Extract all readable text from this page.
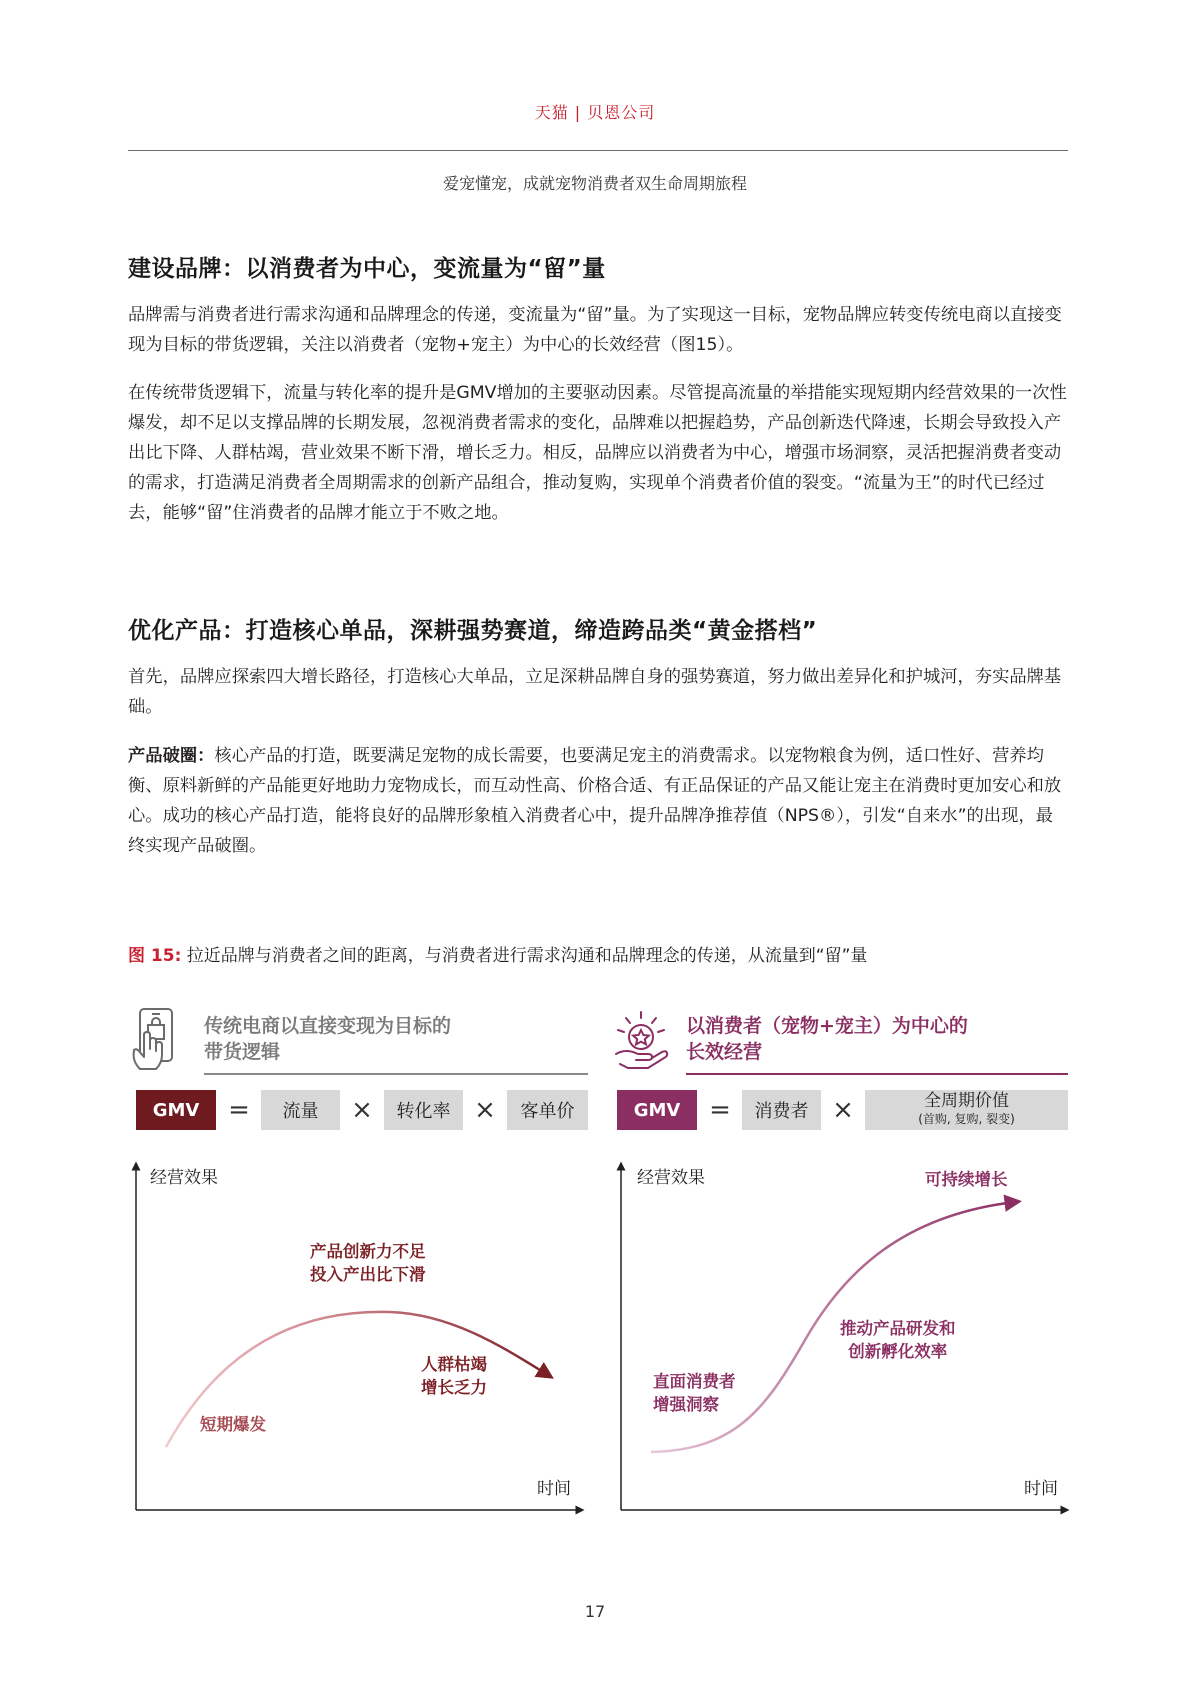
天猫 | 贝恩公司
爱宠懂宠，成就宠物消费者双生命周期旅程
建设品牌：以消费者为中心，变流量为“留”量

品牌需与消费者进行需求沟通和品牌理念的传递，变流量为“留”量。为了实现这一目标，宠物品牌应转变传统电商以直接变现为目标的带货逻辑，关注以消费者（宠物+宠主）为中心的长效经营（图15）。

在传统带货逻辑下，流量与转化率的提升是GMV增加的主要驱动因素。尽管提高流量的举措能实现短期内经营效果的一次性爆发，却不足以支撑品牌的长期发展，忽视消费者需求的变化，品牌难以把握趋势，产品创新迭代降速，长期会导致投入产出比下降、人群枯竭，营业效果不断下滑，增长乏力。相反，品牌应以消费者为中心，增强市场洞察，灵活把握消费者变动的需求，打造满足消费者全周期需求的创新产品组合，推动复购，实现单个消费者价值的裂变。“流量为王”的时代已经过去，能够“留”住消费者的品牌才能立于不败之地。

优化产品：打造核心单品，深耕强势赛道，缔造跨品类“黄金搭档”

首先，品牌应探索四大增长路径，打造核心大单品，立足深耕品牌自身的强势赛道，努力做出差异化和护城河，夯实品牌基础。

产品破圈：核心产品的打造，既要满足宠物的成长需要，也要满足宠主的消费需求。以宠物粮食为例，适口性好、营养均衡、原料新鲜的产品能更好地助力宠物成长，而互动性高、价格合适、有正品保证的产品又能让宠主在消费时更加安心和放心。成功的核心产品打造，能将良好的品牌形象植入消费者心中，提升品牌净推荐值（NPS®），引发“自来水”的出现，最终实现产品破圈。

图 15: 拉近品牌与消费者之间的距离，与消费者进行需求沟通和品牌理念的传递，从流量到“留”量
传统电商以直接变现为目标的
带货逻辑
GMV	=	流量	×	转化率 ×	客单价
经营效果
时间
产品创新力不足
投入产出比下滑
人群枯竭
增长乏力
短期爆发
以消费者（宠物+宠主）为中心的
长效经营
GMV	=	消费者 ×	全周期价值
(首购, 复购, 裂变)
经营效果
时间
可持续增长
推动产品研发和
创新孵化效率
直面消费者
增强洞察
17
